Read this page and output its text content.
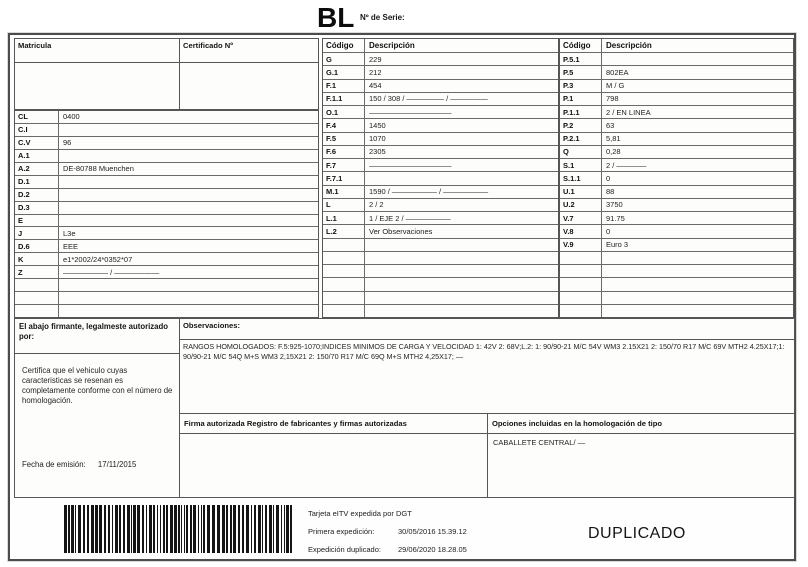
BL Nº de Serie:
Matricula	Certificado Nº
CL	0400
C.I
C.V	96
A.1
A.2	DE-80788 Muenchen
D.1
D.2
D.3
E
J	L3e
D.6	EEE
K	e1*2002/24*0352*07
Z	—————— / ——————
Código	Descripción
G	229
G.1	212
F.1	454
F.1.1	150 / 308 / ————— / —————
O.1	———————————
F.4	1450
F.5	1070
F.6	2305
F.7	———————————
F.7.1
M.1	1590 / —————— / ——————
L	2 / 2
L.1	1 / EJE 2 / ——————
L.2	Ver Observaciones
Código	Descripción
P.5.1
P.5	802EA
P.3	M / G
P.1	798
P.1.1	2 / EN LINEA
P.2	63
P.2.1	5,81
Q	0,28
S.1	2 / ————
S.1.1	0
U.1	88
U.2	3750
V.7	91.75
V.8	0
V.9	Euro 3
El abajo firmante, legalmeste autorizado por:
Certifica que el vehiculo cuyas caracteristicas se resenan es completamente conforme con el número de homologación.
Fecha de emisión: 17/11/2015
Observaciones:
RANGOS HOMOLOGADOS: F.5:925-1070;INDICES MINIMOS DE CARGA Y VELOCIDAD 1: 42V 2: 68V;L.2: 1: 90/90-21 M/C 54V WM3 2.15X21 2: 150/70 R17 M/C 69V MTH2 4.25X17;1: 90/90-21 M/C 54Q M+S WM3 2,15X21 2: 150/70 R17 M/C 69Q M+S MTH2 4,25X17; —
Firma autorizada Registro de fabricantes y firmas autorizadas	Opciones incluidas en la homologación de tipo
CABALLETE CENTRAL/ —
Tarjeta eITV expedida por DGT
Primera expedición:	30/05/2016 15.39.12
Expedición duplicado: 29/06/2020 18.28.05
DUPLICADO
